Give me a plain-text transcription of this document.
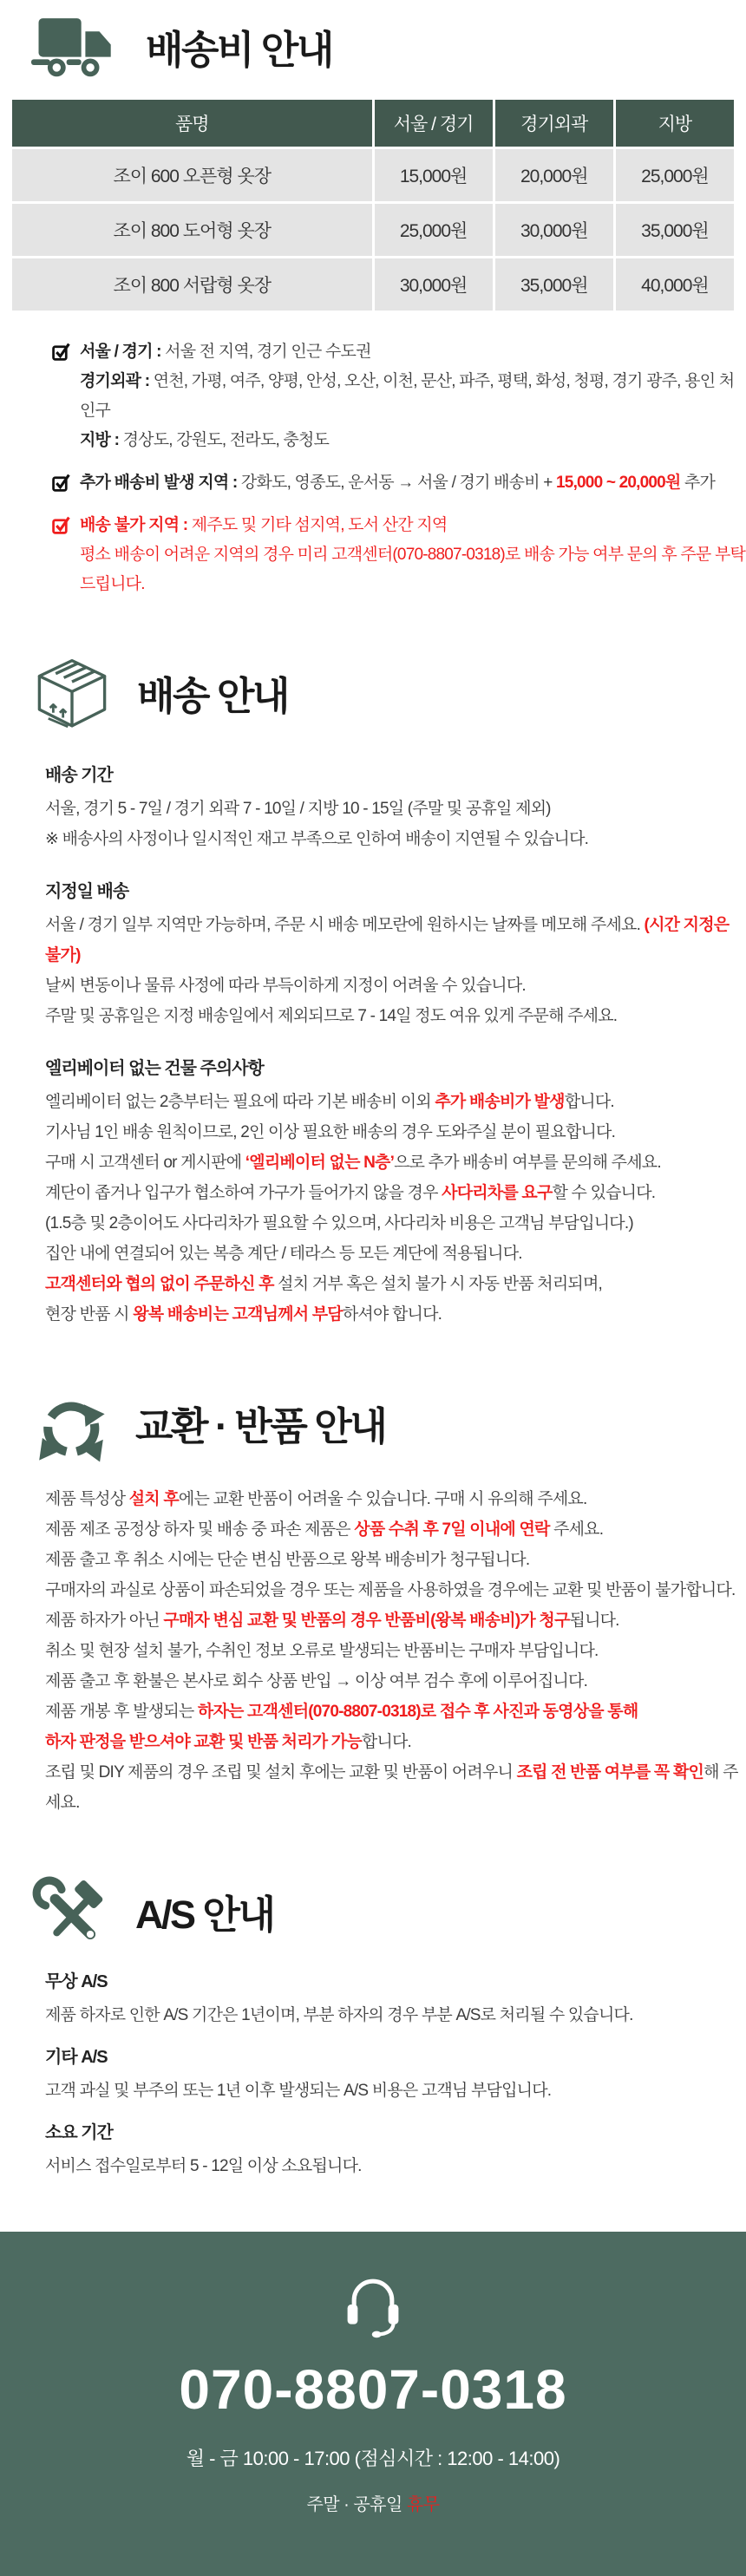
배송비 안내
품명	서울 / 경기	경기외곽	지방
조이 600 오픈형 옷장	15,000원	20,000원	25,000원
조이 800 도어형 옷장	25,000원	30,000원	35,000원
조이 800 서랍형 옷장	30,000원	35,000원	40,000원

서울 / 경기 : 서울 전 지역, 경기 인근 수도권

경기외곽 : 연천, 가평, 여주, 양평, 안성, 오산, 이천, 문산, 파주, 평택, 화성, 청평, 경기 광주, 용인 처인구

지방 : 경상도, 강원도, 전라도, 충청도

추가 배송비 발생 지역 : 강화도, 영종도, 운서동 → 서울 / 경기 배송비 + 15,000 ~ 20,000원 추가

배송 불가 지역 : 제주도 및 기타 섬지역, 도서 산간 지역

평소 배송이 어려운 지역의 경우 미리 고객센터(070-8807-0318)로 배송 가능 여부 문의 후 주문 부탁드립니다.

배송 안내
배송 기간

서울, 경기 5 - 7일 / 경기 외곽 7 - 10일 / 지방 10 - 15일 (주말 및 공휴일 제외)

※ 배송사의 사정이나 일시적인 재고 부족으로 인하여 배송이 지연될 수 있습니다.

지정일 배송

서울 / 경기 일부 지역만 가능하며, 주문 시 배송 메모란에 원하시는 날짜를 메모해 주세요. (시간 지정은 불가)

날씨 변동이나 물류 사정에 따라 부득이하게 지정이 어려울 수 있습니다.

주말 및 공휴일은 지정 배송일에서 제외되므로 7 - 14일 정도 여유 있게 주문해 주세요.

엘리베이터 없는 건물 주의사항

엘리베이터 없는 2층부터는 필요에 따라 기본 배송비 이외 추가 배송비가 발생합니다.

기사님 1인 배송 원칙이므로, 2인 이상 필요한 배송의 경우 도와주실 분이 필요합니다.

구매 시 고객센터 or 게시판에 ‘엘리베이터 없는 N층’으로 추가 배송비 여부를 문의해 주세요.

계단이 좁거나 입구가 협소하여 가구가 들어가지 않을 경우 사다리차를 요구할 수 있습니다.

(1.5층 및 2층이어도 사다리차가 필요할 수 있으며, 사다리차 비용은 고객님 부담입니다.)

집안 내에 연결되어 있는 복층 계단 / 테라스 등 모든 계단에 적용됩니다.

고객센터와 협의 없이 주문하신 후 설치 거부 혹은 설치 불가 시 자동 반품 처리되며,

현장 반품 시 왕복 배송비는 고객님께서 부담하셔야 합니다.

교환 · 반품 안내

제품 특성상 설치 후에는 교환 반품이 어려울 수 있습니다. 구매 시 유의해 주세요.

제품 제조 공정상 하자 및 배송 중 파손 제품은 상품 수취 후 7일 이내에 연락 주세요.

제품 출고 후 취소 시에는 단순 변심 반품으로 왕복 배송비가 청구됩니다.

구매자의 과실로 상품이 파손되었을 경우 또는 제품을 사용하였을 경우에는 교환 및 반품이 불가합니다.

제품 하자가 아닌 구매자 변심 교환 및 반품의 경우 반품비(왕복 배송비)가 청구됩니다.

취소 및 현장 설치 불가, 수취인 정보 오류로 발생되는 반품비는 구매자 부담입니다.

제품 출고 후 환불은 본사로 회수 상품 반입 → 이상 여부 검수 후에 이루어집니다.

제품 개봉 후 발생되는 하자는 고객센터(070-8807-0318)로 접수 후 사진과 동영상을 통해

하자 판정을 받으셔야 교환 및 반품 처리가 가능합니다.

조립 및 DIY 제품의 경우 조립 및 설치 후에는 교환 및 반품이 어려우니 조립 전 반품 여부를 꼭 확인해 주세요.

A/S 안내
무상 A/S

제품 하자로 인한 A/S 기간은 1년이며, 부분 하자의 경우 부분 A/S로 처리될 수 있습니다.

기타 A/S

고객 과실 및 부주의 또는 1년 이후 발생되는 A/S 비용은 고객님 부담입니다.

소요 기간

서비스 접수일로부터 5 - 12일 이상 소요됩니다.

070-8807-0318

월 - 금 10:00 - 17:00 (점심시간 : 12:00 - 14:00)

주말 · 공휴일 휴무
